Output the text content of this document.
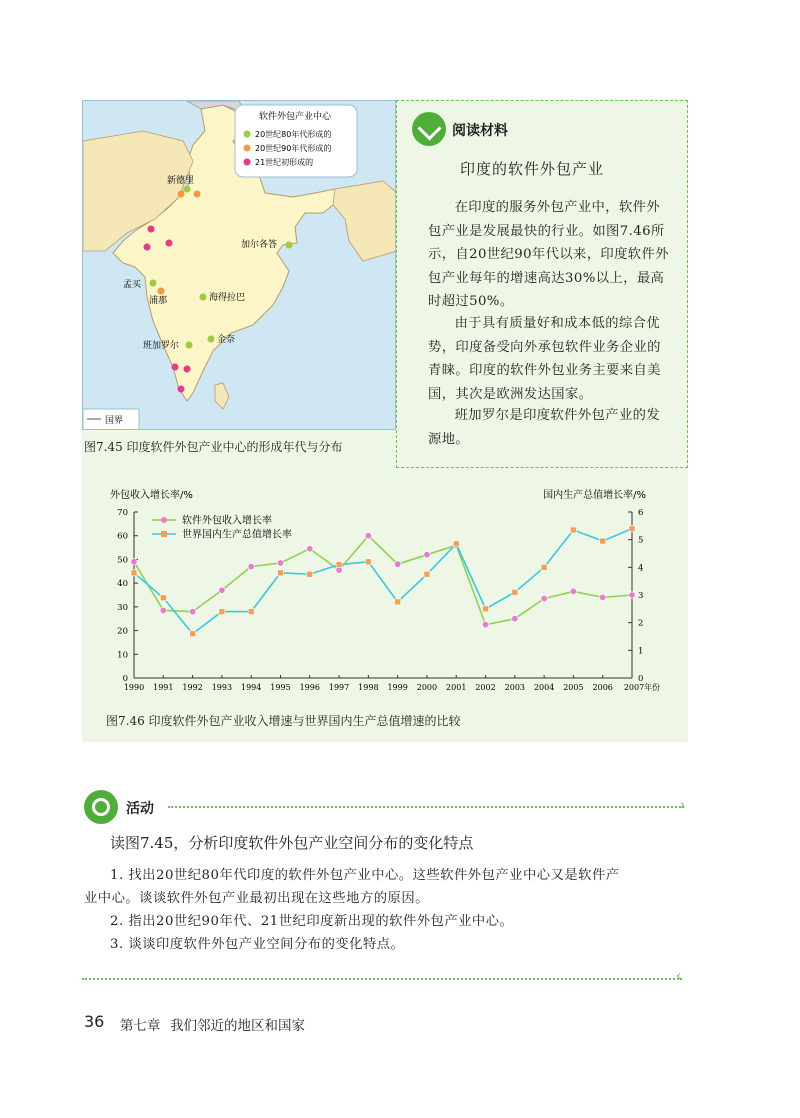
阅读材料
印度的软件外包产业
在印度的服务外包产业中，软件外包产业是发展最快的行业。如图7.46所示，自20世纪90年代以来，印度软件外包产业每年的增速高达30%以上，最高时超过50%。
由于具有质量好和成本低的综合优势，印度备受向外承包软件业务企业的青睐。印度的软件外包业务主要来自美国，其次是欧洲发达国家。
班加罗尔是印度软件外包产业的发源地。
软件外包产业中心
20世纪80年代形成的
20世纪90年代形成的
21世纪初形成的
新德里
加尔各答
孟买
浦那	海得拉巴
班加罗尔
金奈
国界
图7.45 印度软件外包产业中心的形成年代与分布
外包收入增长率/%	国内生产总值增长率/%
0
10
20
30
40
50
60
70
0
1
2
3
4
5
6
1990 1991 1992 1993 1994 1995 1996 1997 1998 1999 2000 2001 2002 2003 2004 2005 2006 2007年份
软件外包收入增长率
世界国内生产总值增长率
图7.46 印度软件外包产业收入增速与世界国内生产总值增速的比较
活动	›
读图7.45，分析印度软件外包产业空间分布的变化特点
1. 找出20世纪80年代印度的软件外包产业中心。这些软件外包产业中心又是软件产
业中心。谈谈软件外包产业最初出现在这些地方的原因。
2. 指出20世纪90年代、21世纪印度新出现的软件外包产业中心。
3. 谈谈印度软件外包产业空间分布的变化特点。
‹
36 第七章 我们邻近的地区和国家
